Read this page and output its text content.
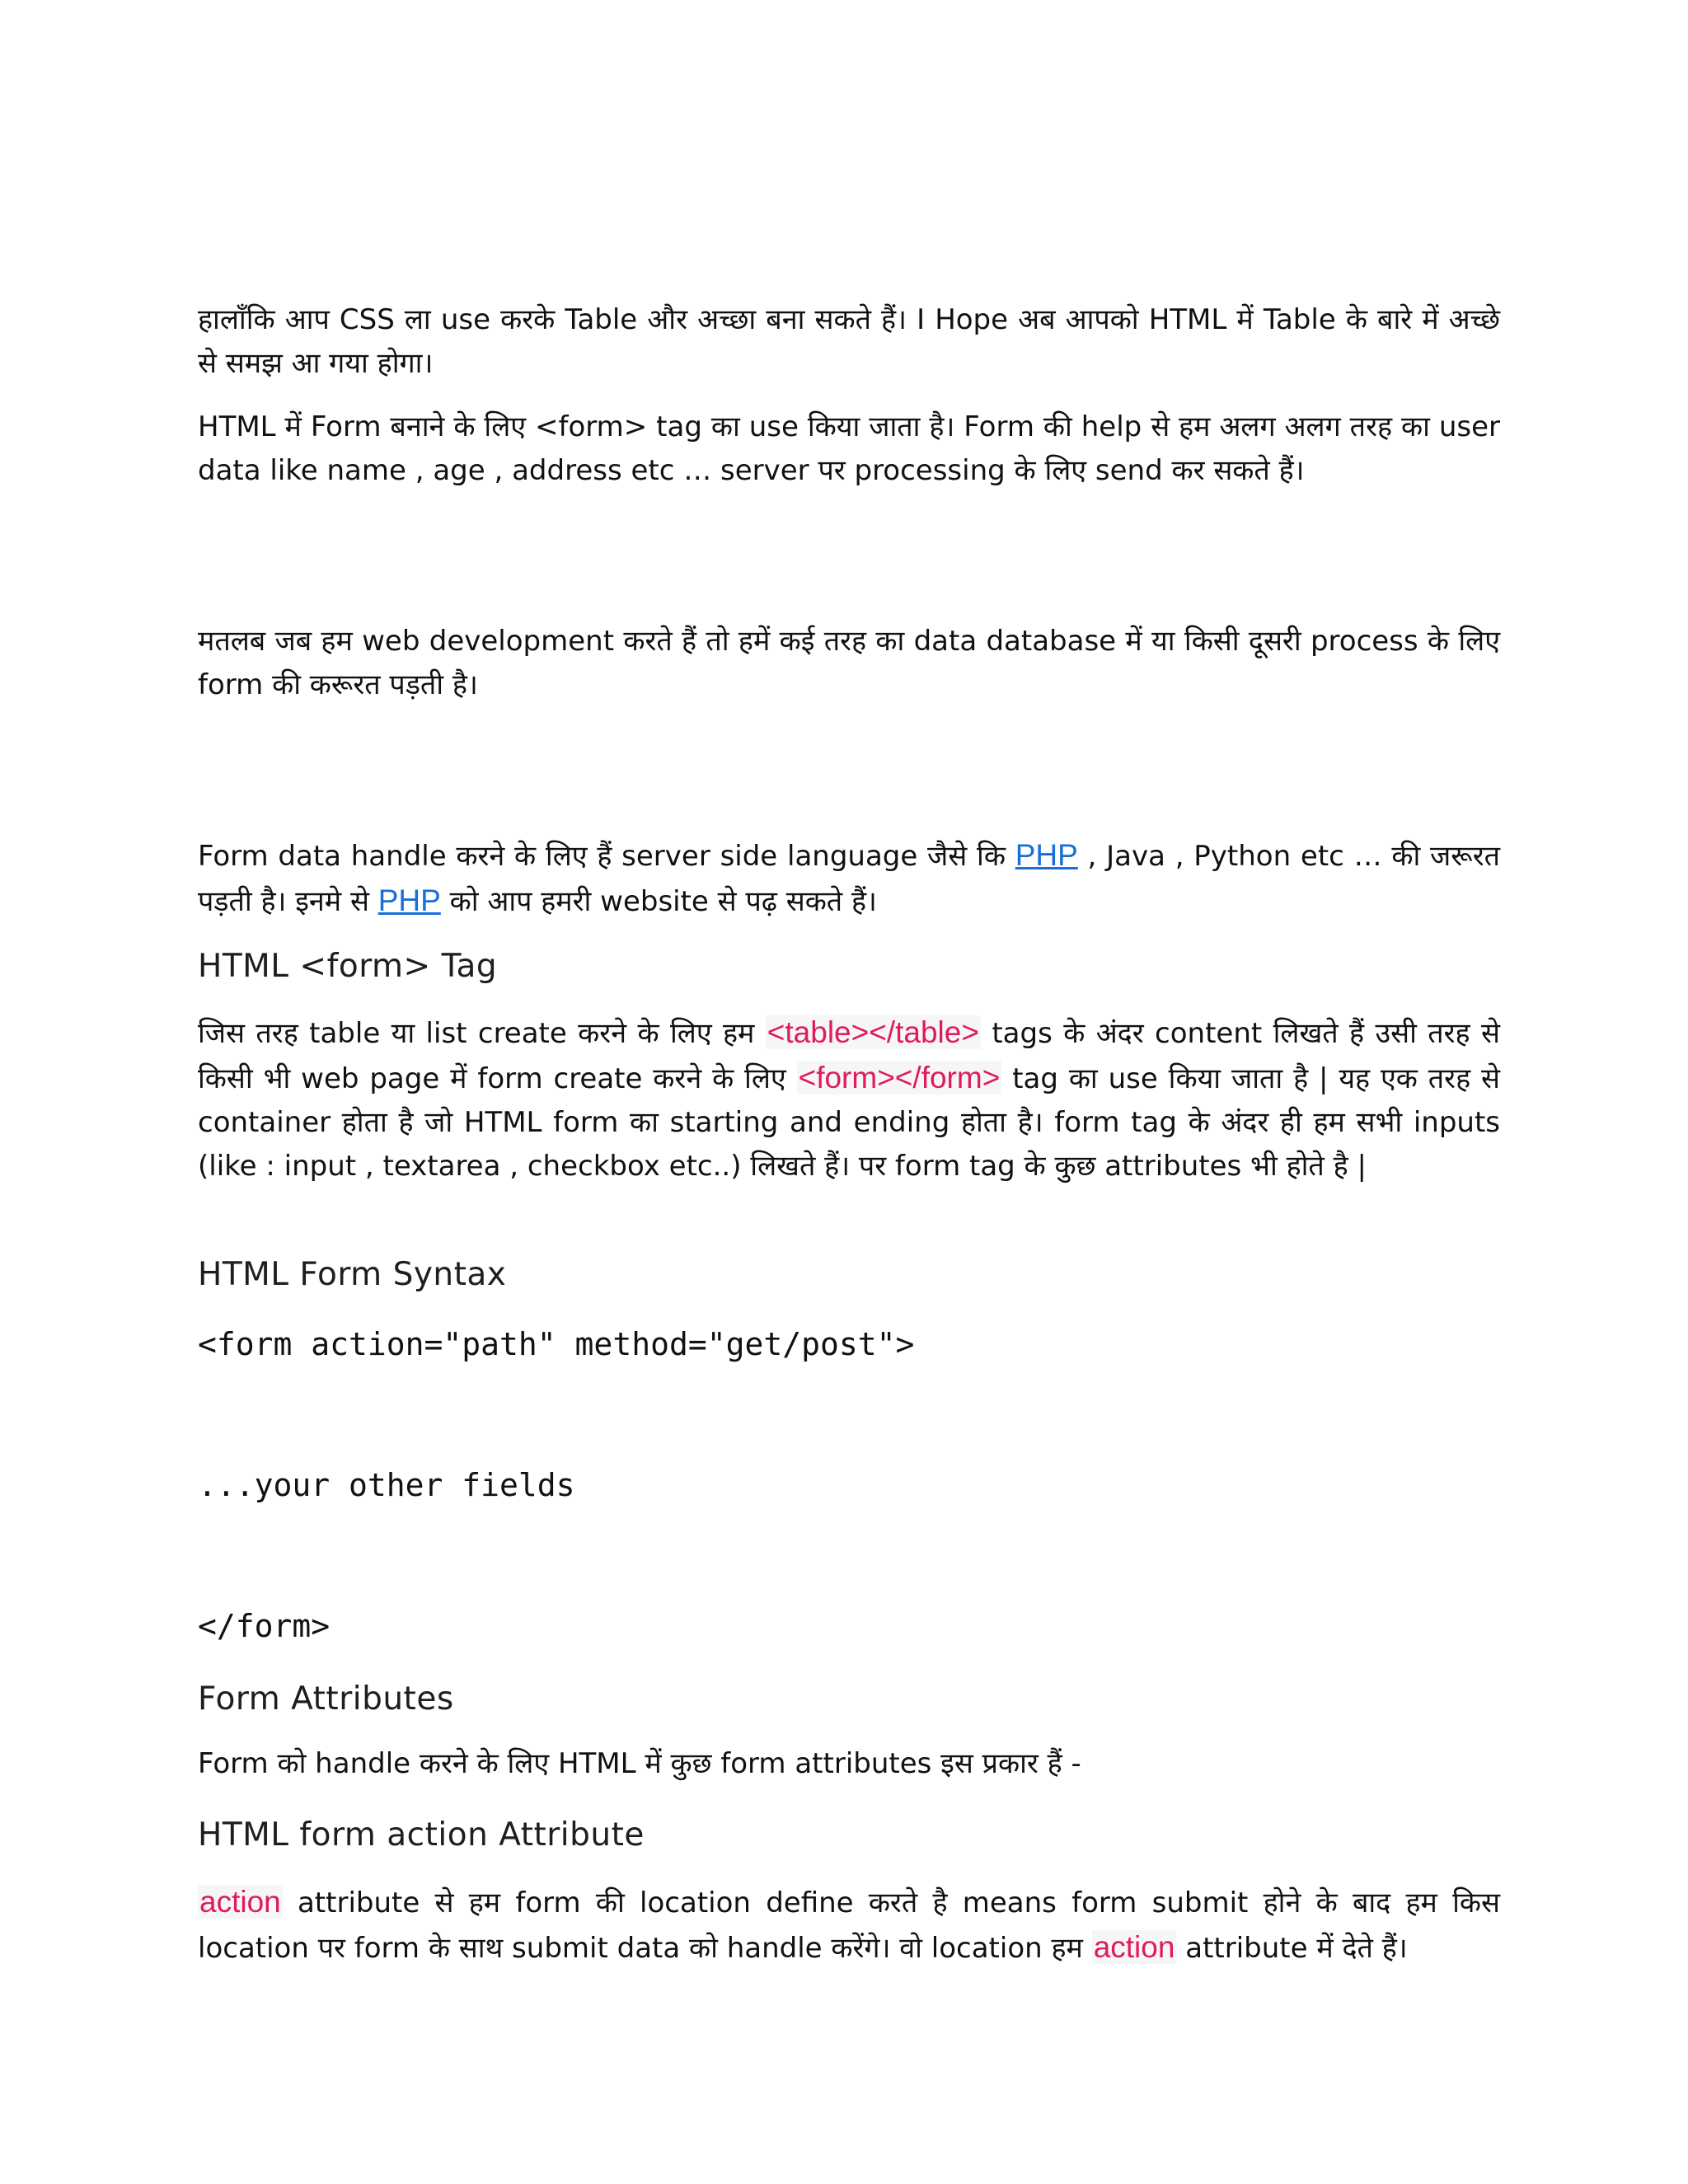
हालाँकि आप CSS ला use करके Table और अच्छा बना सकते हैं। I Hope अब आपको HTML में Table के बारे में अच्छे से समझ आ गया होगा।

HTML में Form बनाने के लिए <form> tag का use किया जाता है। Form की help से हम अलग अलग तरह का user data like name , age , address etc … server पर processing के लिए send कर सकते हैं।

मतलब जब हम web development करते हैं तो हमें कई तरह का data database में या किसी दूसरी process के लिए form की करूरत पड़ती है।

Form data handle करने के लिए हैं server side language जैसे कि PHP , Java , Python etc … की जरूरत पड़ती है। इनमे से PHP को आप हमरी website से पढ़ सकते हैं।

HTML <form> Tag

जिस तरह table या list create करने के लिए हम <table></table> tags के अंदर content लिखते हैं उसी तरह से किसी भी web page में form create करने के लिए <form></form> tag का use किया जाता है | यह एक तरह से container होता है जो HTML form का starting and ending होता है। form tag के अंदर ही हम सभी inputs (like : input , textarea , checkbox etc..) लिखते हैं। पर form tag के कुछ attributes भी होते है |

HTML Form Syntax
<form action="path" method="get/post">
...your other fields
</form>
Form Attributes

Form को handle करने के लिए HTML में कुछ form attributes इस प्रकार हैं -

HTML form action Attribute

action attribute से हम form की location define करते है means form submit होने के बाद हम किस location पर form के साथ submit data को handle करेंगे। वो location हम action attribute में देते हैं।
